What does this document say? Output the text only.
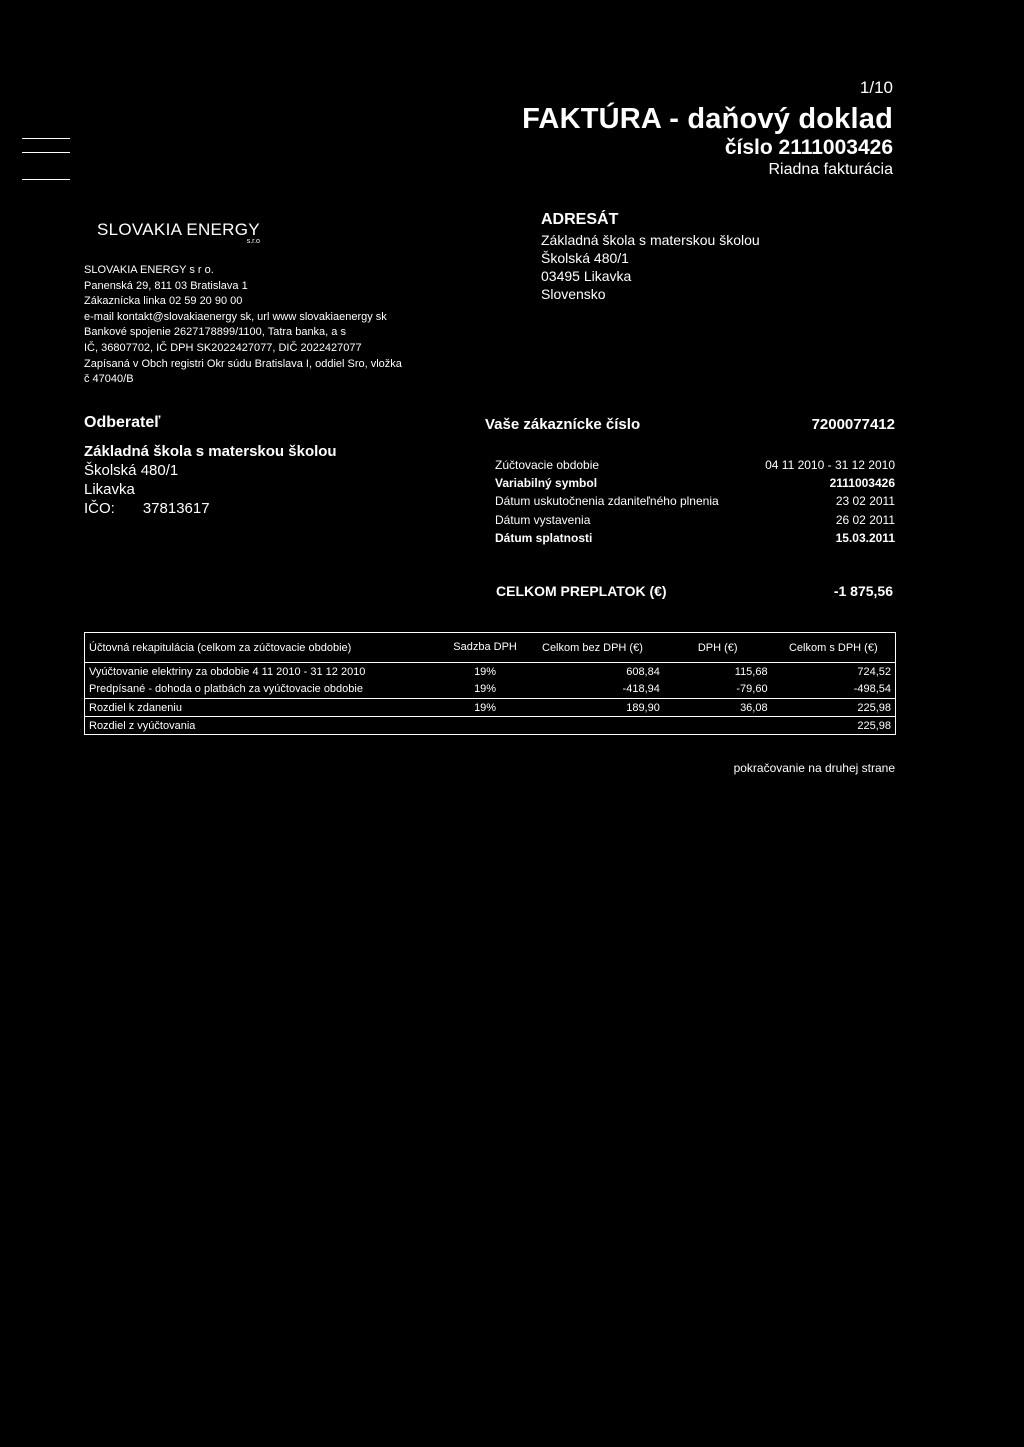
1/10
FAKTÚRA - daňový doklad
číslo 2111003426
Riadna fakturácia
SLOVAKIA ENERGY
s.r.o
SLOVAKIA ENERGY s r o.
Panenská 29, 811 03 Bratislava 1
Zákaznícka linka 02 59 20 90 00
e-mail kontakt@slovakiaenergy sk, url www slovakiaenergy sk
Bankové spojenie 2627178899/1100, Tatra banka, a s
IČ, 36807702, IČ DPH SK2022427077, DIČ 2022427077
Zapísaná v Obch registri Okr súdu Bratislava I, oddiel Sro, vložka
č 47040/B
ADRESÁT
Základná škola s materskou školou
Školská 480/1
03495 Likavka
Slovensko
Odberateľ
Základná škola s materskou školou
Školská 480/1
Likavka
IČO: 37813617
Vaše zákaznícke číslo	7200077412
Zúčtovacie obdobie	04 11 2010 - 31 12 2010
Variabilný symbol	2111003426
Dátum uskutočnenia zdaniteľného plnenia	23 02 2011
Dátum vystavenia	26 02 2011
Dátum splatnosti	15.03.2011
CELKOM PREPLATOK (€)	-1 875,56
Účtovná rekapitulácia (celkom za zúčtovacie obdobie)	Sadzba DPH	Celkom bez DPH (€)	DPH (€)	Celkom s DPH (€)
Vyúčtovanie elektriny za obdobie 4 11 2010 - 31 12 2010	19%	608,84	115,68	724,52
Predpísané - dohoda o platbách za vyúčtovacie obdobie	19%	-418,94	-79,60	-498,54
Rozdiel k zdaneniu	19%	189,90	36,08	225,98
Rozdiel z vyúčtovania				225,98
pokračovanie na druhej strane
